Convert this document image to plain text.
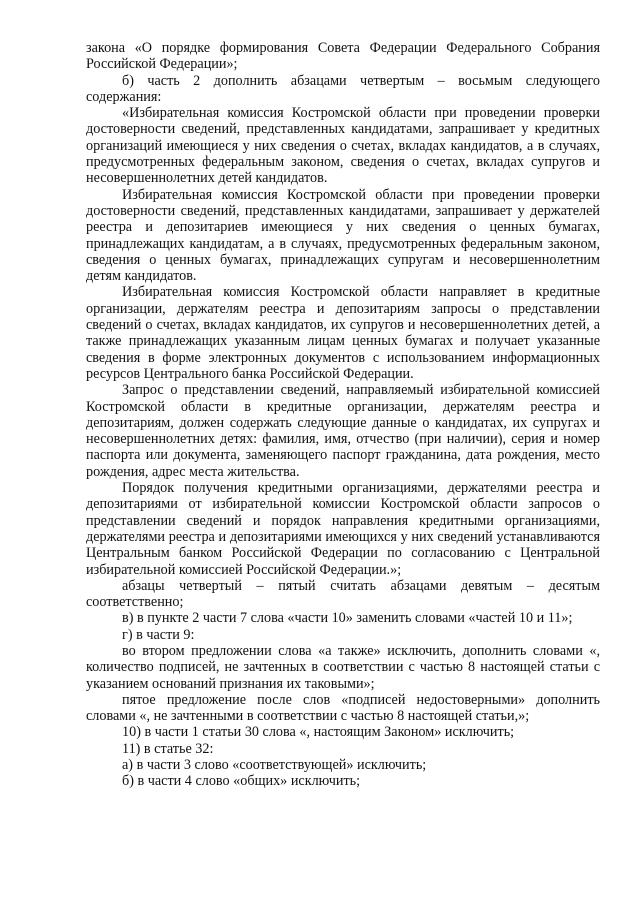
закона «О порядке формирования Совета Федерации Федерального Собрания Российской Федерации»;

б) часть 2 дополнить абзацами четвертым – восьмым следующего содержания:

«Избирательная комиссия Костромской области при проведении проверки достоверности сведений, представленных кандидатами, запрашивает у кредитных организаций имеющиеся у них сведения о счетах, вкладах кандидатов, а в случаях, предусмотренных федеральным законом, сведения о счетах, вкладах супругов и несовершеннолетних детей кандидатов.

Избирательная комиссия Костромской области при проведении проверки достоверности сведений, представленных кандидатами, запрашивает у держателей реестра и депозитариев имеющиеся у них сведения о ценных бумагах, принадлежащих кандидатам, а в случаях, предусмотренных федеральным законом, сведения о ценных бумагах, принадлежащих супругам и несовершеннолетним детям кандидатов.

Избирательная комиссия Костромской области направляет в кредитные организации, держателям реестра и депозитариям запросы о представлении сведений о счетах, вкладах кандидатов, их супругов и несовершеннолетних детей, а также принадлежащих указанным лицам ценных бумагах и получает указанные сведения в форме электронных документов с использованием информационных ресурсов Центрального банка Российской Федерации.

Запрос о представлении сведений, направляемый избирательной комиссией Костромской области в кредитные организации, держателям реестра и депозитариям, должен содержать следующие данные о кандидатах, их супругах и несовершеннолетних детях: фамилия, имя, отчество (при наличии), серия и номер паспорта или документа, заменяющего паспорт гражданина, дата рождения, место рождения, адрес места жительства.

Порядок получения кредитными организациями, держателями реестра и депозитариями от избирательной комиссии Костромской области запросов о представлении сведений и порядок направления кредитными организациями, держателями реестра и депозитариями имеющихся у них сведений устанавливаются Центральным банком Российской Федерации по согласованию с Центральной избирательной комиссией Российской Федерации.»;

абзацы четвертый – пятый считать абзацами девятым – десятым соответственно;

в) в пункте 2 части 7 слова «части 10» заменить словами «частей 10 и 11»;

г) в части 9:

во втором предложении слова «а также» исключить, дополнить словами «, количество подписей, не зачтенных в соответствии с частью 8 настоящей статьи с указанием оснований признания их таковыми»;

пятое предложение после слов «подписей недостоверными» дополнить словами «, не зачтенными в соответствии с частью 8 настоящей статьи,»;

10) в части 1 статьи 30 слова «, настоящим Законом» исключить;

11) в статье 32:

а) в части 3 слово «соответствующей» исключить;

б) в части 4 слово «общих» исключить;
